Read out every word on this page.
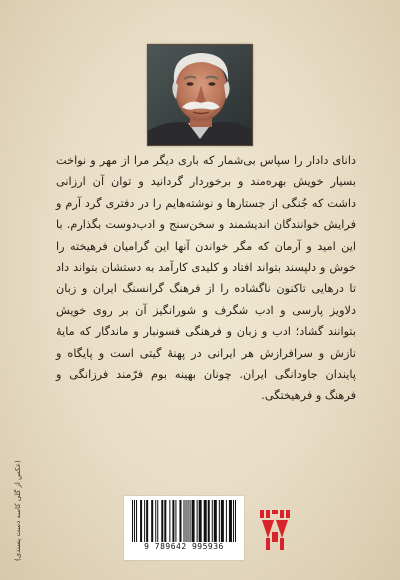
دانای دادار را سپاس بی‌شمار که باری دیگر مرا از مهر و نواخت بسیار خویش بهره‌مند و برخوردار گردانید و توان آن ارزانی داشت که جُنگی از جستارها و نوشته‌هایم را در دفتری گرد آرم و فرایش خوانندگان اندیشمند و سخن‌سنج و ادب‌دوست بگذارم. با این امید و آرمان که مگر خواندن آنها این گرامیان فرهیخته را خوش و دلپسند بتواند افتاد و کلیدی کارآمد به دستشان بتواند داد تا درهایی تاکنون ناگشاده را از فرهنگ گرانسنگ ایران و زبان دلاویز پارسی و ادب شگرف و شورانگیز آن بر روی خویش بتوانند گشاد؛ ادب و زبان و فرهنگی فسونبار و ماندگار که مایهٔ نازش و سرافرازش هر ایرانی در پهنهٔ گیتی است و پایگاه و پایندان جاودانگی ایران. چونان بهینه بوم فرّمند فرزانگی و فرهنگ و فرهیختگی.

(عکس از گلی کاسه دست پسندی)	9 789642 995936
